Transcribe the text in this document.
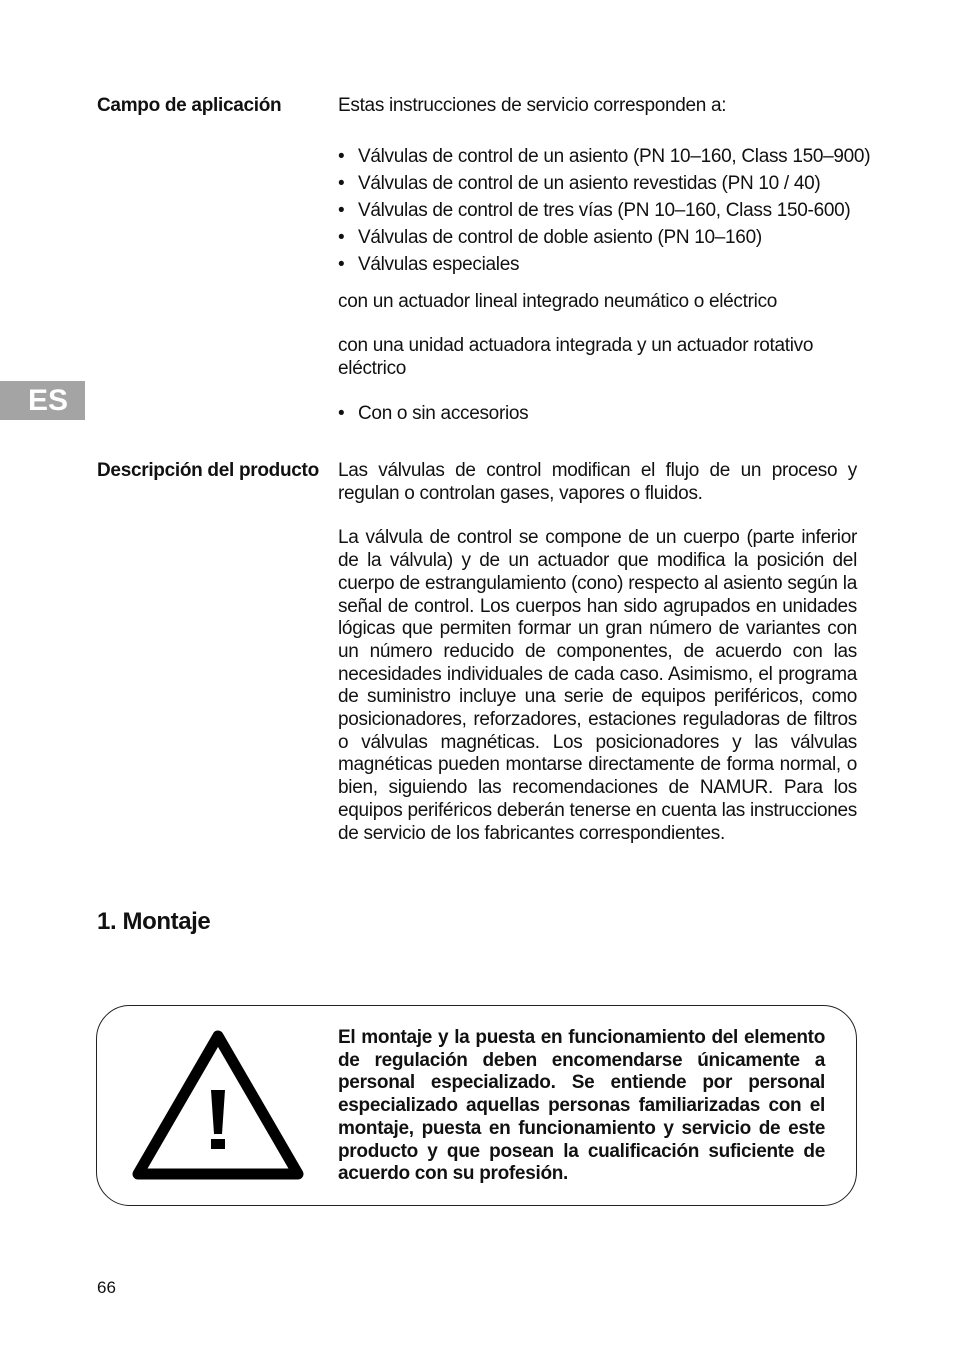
ES
Campo de aplicación	Estas instrucciones de servicio corresponden a:

• Válvulas de control de un asiento (PN 10–160, Class 150–900)
• Válvulas de control de un asiento revestidas (PN 10 / 40)
• Válvulas de control de tres vías (PN 10–160, Class 150-600)
• Válvulas de control de doble asiento (PN 10–160)
• Válvulas especiales

con un actuador lineal integrado neumático o eléctrico

con una unidad actuadora integrada y un actuador rotativo eléctrico

• Con o sin accesorios
Descripción del producto Las válvulas de control modifican el flujo de un proceso y regulan o controlan gases, vapores o fluidos.

La válvula de control se compone de un cuerpo (parte inferior de la válvula) y de un actuador que modifica la posición del cuerpo de estrangulamiento (cono) respecto al asiento según la señal de control. Los cuerpos han sido agrupados en unidades lógicas que permiten formar un gran número de variantes con un número reducido de componentes, de acuerdo con las necesidades individuales de cada caso. Asimismo, el programa de suministro incluye una serie de equipos periféricos, como posicionadores, reforzadores, estaciones reguladoras de filtros o válvulas magnéticas. Los posicionadores y las válvulas magnéticas pueden montarse directamente de forma normal, o bien, siguiendo las recomendaciones de NAMUR. Para los equipos periféricos deberán tenerse en cuenta las instrucciones de servicio de los fabricantes correspondientes.

1. Montaje
El montaje y la puesta en funcionamiento del elemento de regulación deben encomendarse únicamente a personal especializado. Se entiende por personal especializado aquellas personas familiarizadas con el montaje, puesta en funcionamiento y servicio de este producto y que posean la cualificación suficiente de acuerdo con su profesión.
66
